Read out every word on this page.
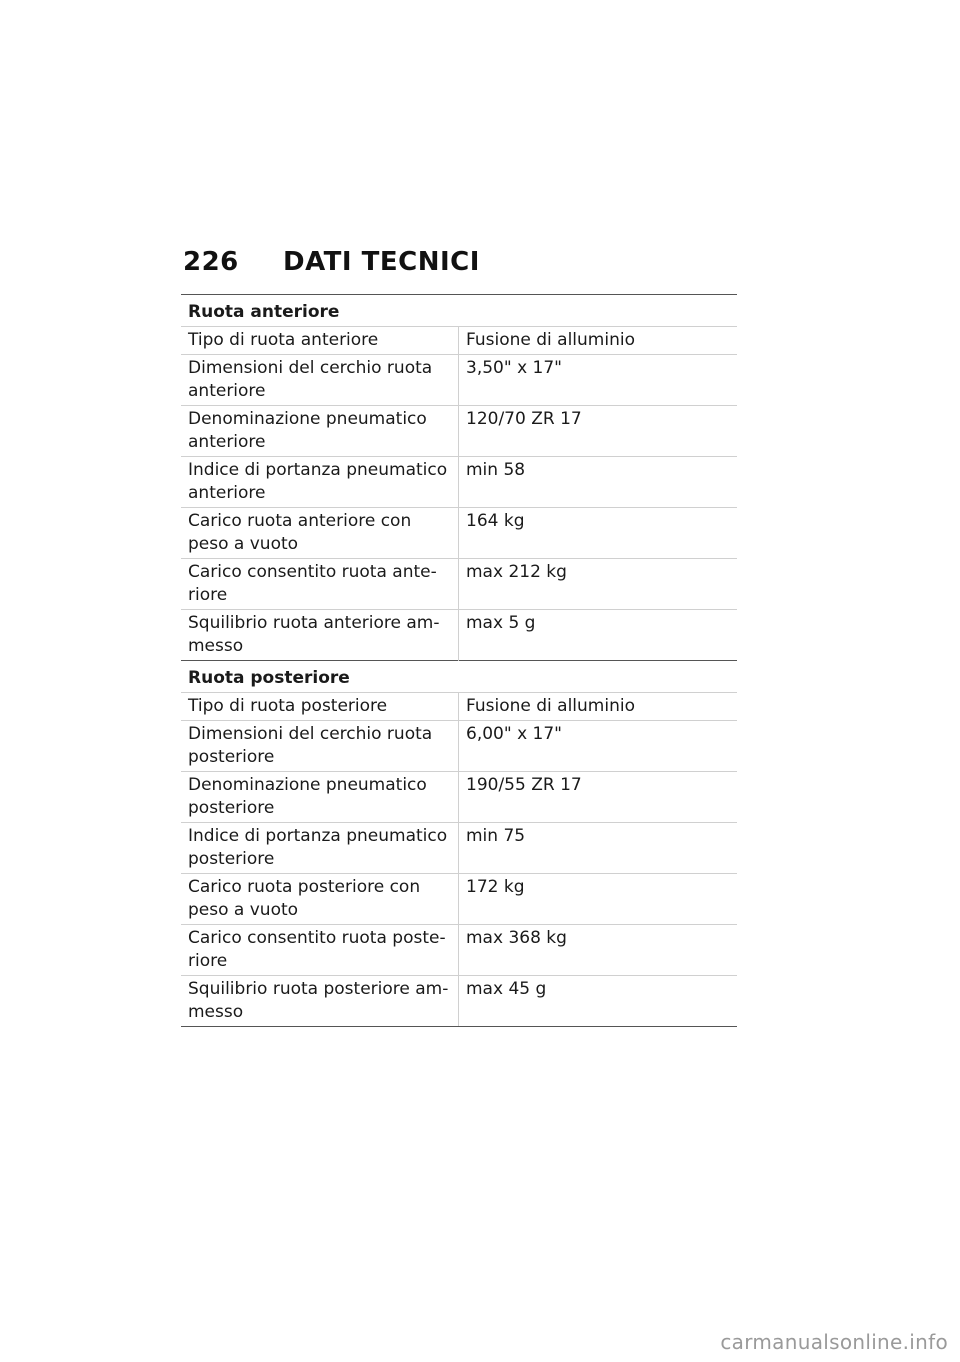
226	DATI TECNICI
Ruota anteriore	
Tipo di ruota anteriore	Fusione di alluminio
Dimensioni del cerchio ruota anteriore	3,50" x 17"
Denominazione pneumatico anteriore	120/70 ZR 17
Indice di portanza pneumatico anteriore	min 58
Carico ruota anteriore con peso a vuoto	164 kg
Carico consentito ruota anteriore	max 212 kg
Squilibrio ruota anteriore ammesso	max 5 g
Ruota posteriore	
Tipo di ruota posteriore	Fusione di alluminio
Dimensioni del cerchio ruota posteriore	6,00" x 17"
Denominazione pneumatico posteriore	190/55 ZR 17
Indice di portanza pneumatico posteriore	min 75
Carico ruota posteriore con peso a vuoto	172 kg
Carico consentito ruota posteriore	max 368 kg
Squilibrio ruota posteriore ammesso	max 45 g
carmanualsonline.info
